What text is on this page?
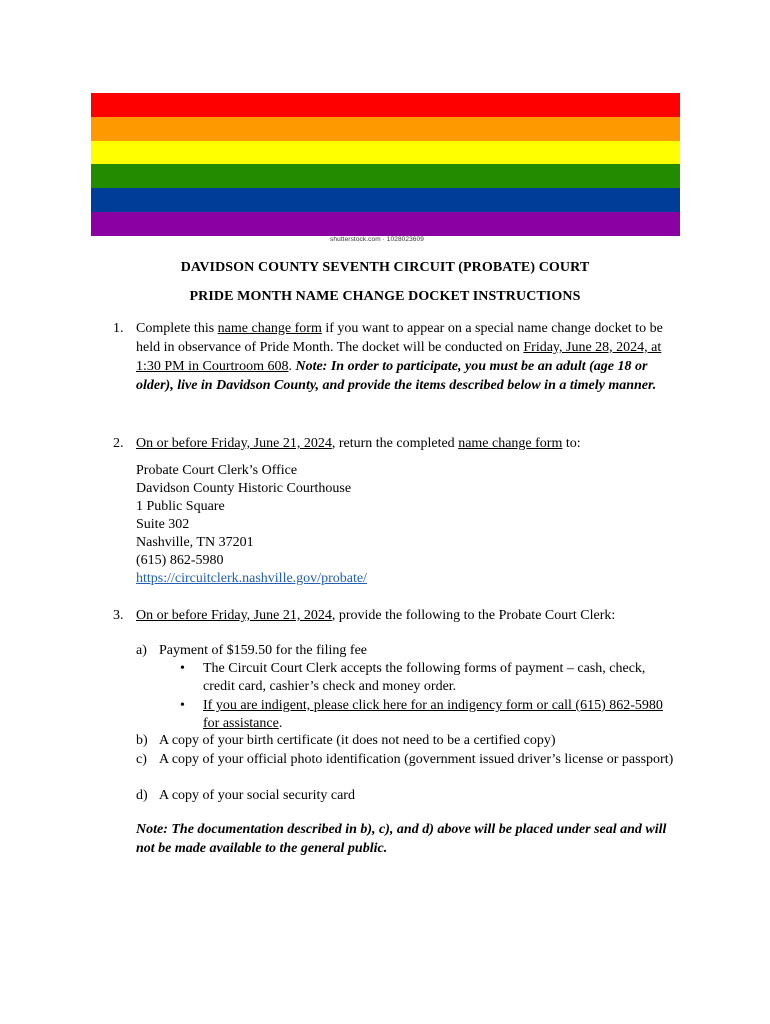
shutterstock.com · 1028023609
DAVIDSON COUNTY SEVENTH CIRCUIT (PROBATE) COURT
PRIDE MONTH NAME CHANGE DOCKET INSTRUCTIONS
1. Complete this name change form if you want to appear on a special name change docket to be held in observance of Pride Month. The docket will be conducted on Friday, June 28, 2024, at 1:30 PM in Courtroom 608. Note: In order to participate, you must be an adult (age 18 or older), live in Davidson County, and provide the items described below in a timely manner.
2. On or before Friday, June 21, 2024, return the completed name change form to:
Probate Court Clerk’s Office
Davidson County Historic Courthouse
1 Public Square
Suite 302
Nashville, TN 37201
(615) 862-5980
https://circuitclerk.nashville.gov/probate/
3. On or before Friday, June 21, 2024, provide the following to the Probate Court Clerk:
a) Payment of $159.50 for the filing fee
• The Circuit Court Clerk accepts the following forms of payment – cash, check, credit card, cashier’s check and money order.
• If you are indigent, please click here for an indigency form or call (615) 862-5980 for assistance.
b) A copy of your birth certificate (it does not need to be a certified copy)
c) A copy of your official photo identification (government issued driver’s license or passport)
d) A copy of your social security card
Note: The documentation described in b), c), and d) above will be placed under seal and will not be made available to the general public.
